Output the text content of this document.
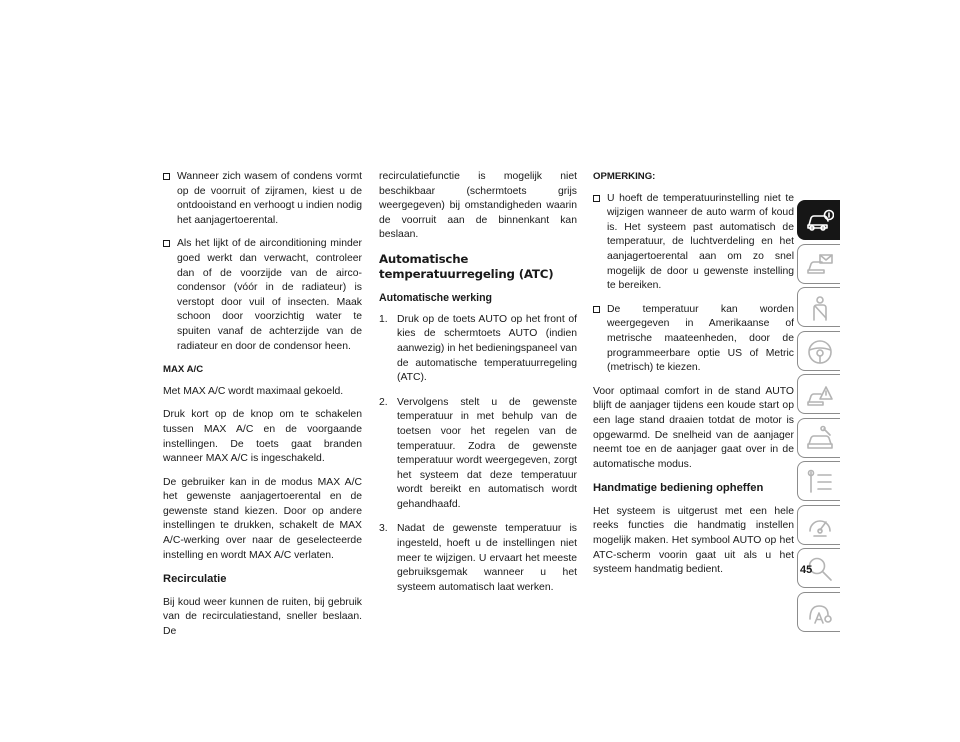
Wanneer zich wasem of condens vormt op de voorruit of zijramen, kiest u de ontdooistand en verhoogt u indien nodig het aanjagertoerental.
Als het lijkt of de airconditioning minder goed werkt dan verwacht, controleer dan of de voorzijde van de airco-condensor (vóór in de radiateur) is verstopt door vuil of insecten. Maak schoon door voorzichtig water te spuiten vanaf de achterzijde van de radiateur en door de condensor heen.
MAX A/C

Met MAX A/C wordt maximaal gekoeld.

Druk kort op de knop om te schakelen tussen MAX A/C en de voorgaande instellingen. De toets gaat branden wanneer MAX A/C is ingeschakeld.

De gebruiker kan in de modus MAX A/C het gewenste aanjagertoerental en de gewenste stand kiezen. Door op andere instellingen te drukken, schakelt de MAX A/C-werking over naar de geselecteerde instelling en wordt MAX A/C verlaten.

Recirculatie

Bij koud weer kunnen de ruiten, bij gebruik van de recirculatiestand, sneller beslaan. De

recirculatiefunctie is mogelijk niet beschikbaar (schermtoets grijs weergegeven) bij omstandigheden waarin de voorruit aan de binnenkant kan beslaan.

Automatische temperatuurregeling (ATC)
Automatische werking
1. Druk op de toets AUTO op het front of kies de schermtoets AUTO (indien aanwezig) in het bedieningspaneel van de automatische temperatuurregeling (ATC).
2. Vervolgens stelt u de gewenste temperatuur in met behulp van de toetsen voor het regelen van de temperatuur. Zodra de gewenste temperatuur wordt weergegeven, zorgt het systeem dat deze temperatuur wordt bereikt en automatisch wordt gehandhaafd.
3. Nadat de gewenste temperatuur is ingesteld, hoeft u de instellingen niet meer te wijzigen. U ervaart het meeste gebruiksgemak wanneer u het systeem automatisch laat werken.
OPMERKING:
U hoeft de temperatuurinstelling niet te wijzigen wanneer de auto warm of koud is. Het systeem past automatisch de temperatuur, de luchtverdeling en het aanjagertoerental aan om zo snel mogelijk de door u gewenste instelling te bereiken.
De temperatuur kan worden weergegeven in Amerikaanse of metrische maateenheden, door de programmeerbare optie US of Metric (metrisch) te kiezen.

Voor optimaal comfort in de stand AUTO blijft de aanjager tijdens een koude start op een lage stand draaien totdat de motor is opgewarmd. De snelheid van de aanjager neemt toe en de aanjager gaat over in de automatische modus.

Handmatige bediening opheffen

Het systeem is uitgerust met een hele reeks functies die handmatig instellen mogelijk maken. Het symbool AUTO op het ATC-scherm voorin gaat uit als u het systeem handmatig bedient.	45
